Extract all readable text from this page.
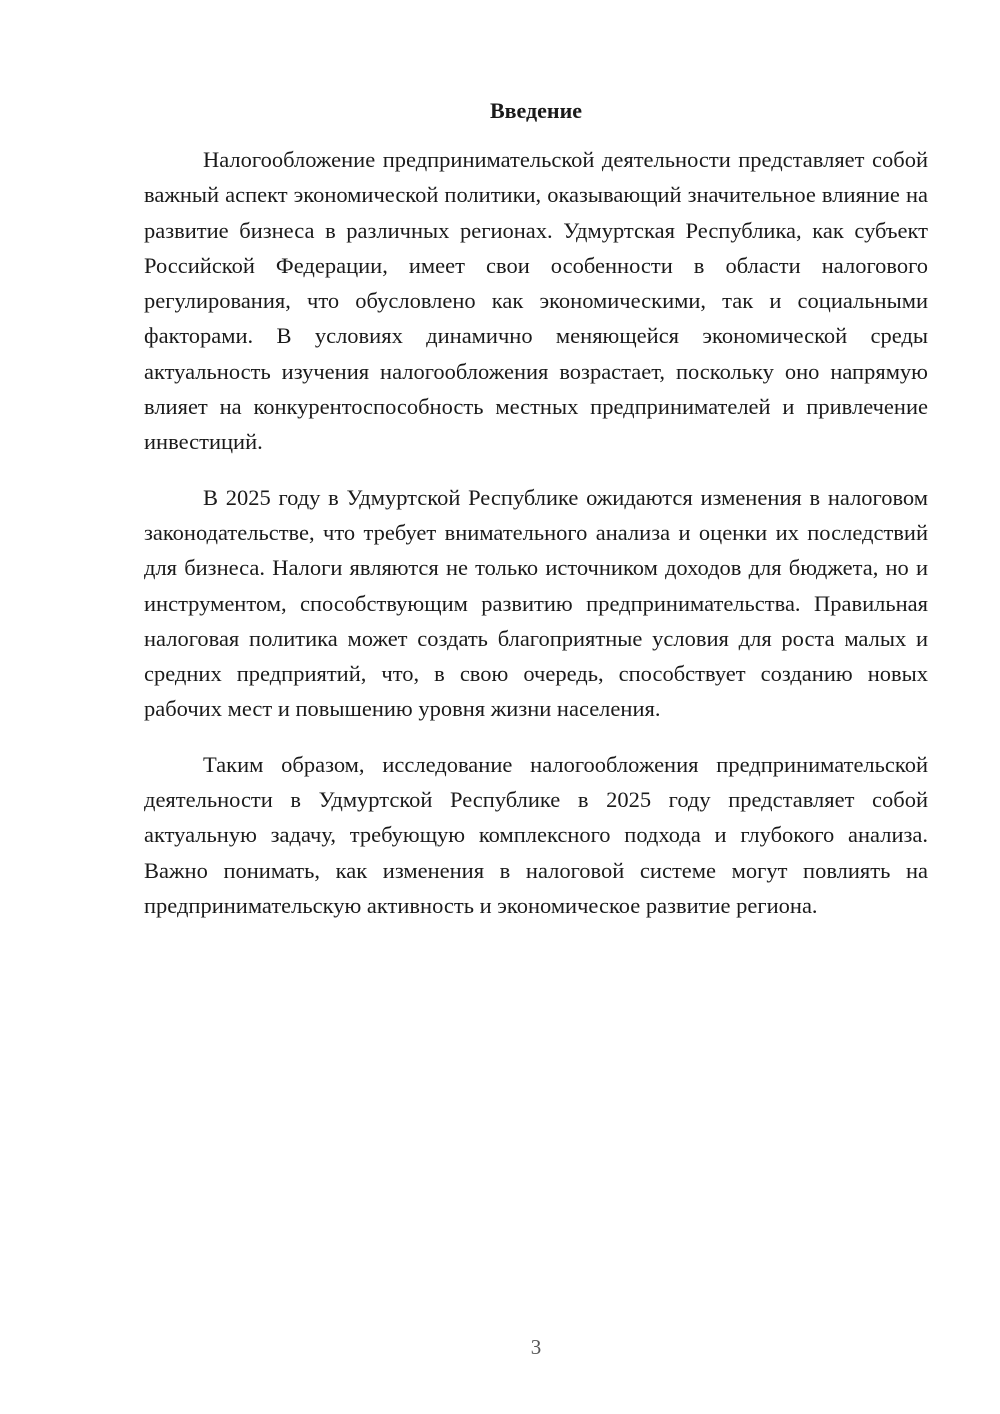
Введение

Налогообложение предпринимательской деятельности представляет собой важный аспект экономической политики, оказывающий значительное влияние на развитие бизнеса в различных регионах. Удмуртская Республика, как субъект Российской Федерации, имеет свои особенности в области налогового регулирования, что обусловлено как экономическими, так и социальными факторами. В условиях динамично меняющейся экономической среды актуальность изучения налогообложения возрастает, поскольку оно напрямую влияет на конкурентоспособность местных предпринимателей и привлечение инвестиций.

В 2025 году в Удмуртской Республике ожидаются изменения в налоговом законодательстве, что требует внимательного анализа и оценки их последствий для бизнеса. Налоги являются не только источником доходов для бюджета, но и инструментом, способствующим развитию предпринимательства. Правильная налоговая политика может создать благоприятные условия для роста малых и средних предприятий, что, в свою очередь, способствует созданию новых рабочих мест и повышению уровня жизни населения.

Таким образом, исследование налогообложения предпринимательской деятельности в Удмуртской Республике в 2025 году представляет собой актуальную задачу, требующую комплексного подхода и глубокого анализа. Важно понимать, как изменения в налоговой системе могут повлиять на предпринимательскую активность и экономическое развитие региона.

3
